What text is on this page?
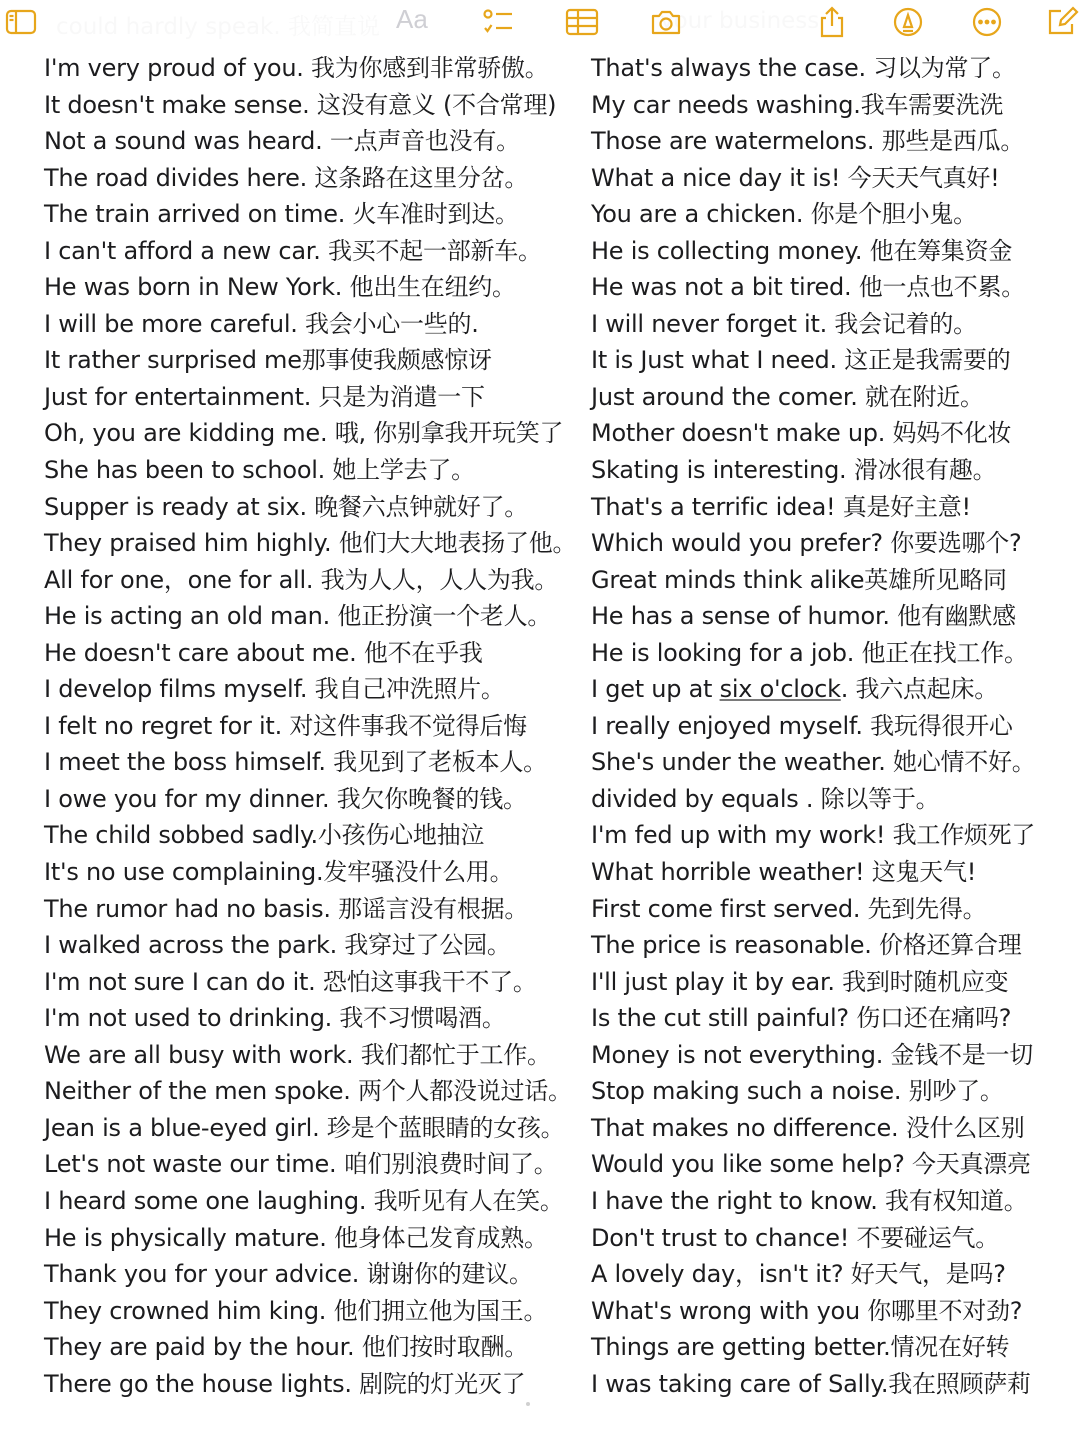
Aa
I'm very proud of you. 我为你感到非常骄傲。
It doesn't make sense. 这没有意义 (不合常理)
Not a sound was heard. 一点声音也没有。
The road divides here. 这条路在这里分岔。
The train arrived on time. 火车准时到达。
I can't afford a new car. 我买不起一部新车。
He was born in New York. 他出生在纽约。
I will be more careful. 我会小心一些的.
It rather surprised me那事使我颇感惊讶
Just for entertainment. 只是为消遣一下
Oh, you are kidding me. 哦, 你别拿我开玩笑了
She has been to school. 她上学去了。
Supper is ready at six. 晚餐六点钟就好了。
They praised him highly. 他们大大地表扬了他。
All for one，one for all. 我为人人，人人为我。
He is acting an old man. 他正扮演一个老人。
He doesn't care about me. 他不在乎我
I develop films myself. 我自己冲洗照片。
I felt no regret for it. 对这件事我不觉得后悔
I meet the boss himself. 我见到了老板本人。
I owe you for my dinner. 我欠你晚餐的钱。
The child sobbed sadly.小孩伤心地抽泣
It's no use complaining.发牢骚没什么用。
The rumor had no basis. 那谣言没有根据。
I walked across the park. 我穿过了公园。
I'm not sure I can do it. 恐怕这事我干不了。
I'm not used to drinking. 我不习惯喝酒。
We are all busy with work. 我们都忙于工作。
Neither of the men spoke. 两个人都没说过话。
Jean is a blue-eyed girl. 珍是个蓝眼睛的女孩。
Let's not waste our time. 咱们别浪费时间了。
I heard some one laughing. 我听见有人在笑。
He is physically mature. 他身体己发育成熟。
Thank you for your advice. 谢谢你的建议。
They crowned him king. 他们拥立他为国王。
They are paid by the hour. 他们按时取酬。
There go the house lights. 剧院的灯光灭了
That's always the case. 习以为常了。
My car needs washing.我车需要洗洗
Those are watermelons. 那些是西瓜。
What a nice day it is! 今天天气真好!
You are a chicken. 你是个胆小鬼。
He is collecting money. 他在筹集资金
He was not a bit tired. 他一点也不累。
I will never forget it. 我会记着的。
It is Just what I need. 这正是我需要的
Just around the comer. 就在附近。
Mother doesn't make up. 妈妈不化妆
Skating is interesting. 滑冰很有趣。
That's a terrific idea! 真是好主意!
Which would you prefer? 你要选哪个?
Great minds think alike英雄所见略同
He has a sense of humor. 他有幽默感
He is looking for a job. 他正在找工作。
I get up at six o'clock. 我六点起床。
I really enjoyed myself. 我玩得很开心
She's under the weather. 她心情不好。
divided by equals . 除以等于。
I'm fed up with my work! 我工作烦死了
What horrible weather! 这鬼天气!
First come first served. 先到先得。
The price is reasonable. 价格还算合理
I'll just play it by ear. 我到时随机应变
Is the cut still painful? 伤口还在痛吗?
Money is not everything. 金钱不是一切
Stop making such a noise. 别吵了。
That makes no difference. 没什么区别
Would you like some help? 今天真漂亮
I have the right to know. 我有权知道。
Don't trust to chance! 不要碰运气。
A lovely day，isn't it? 好天气，是吗?
What's wrong with you 你哪里不对劲?
Things are getting better.情况在好转
I was taking care of Sally.我在照顾萨莉
